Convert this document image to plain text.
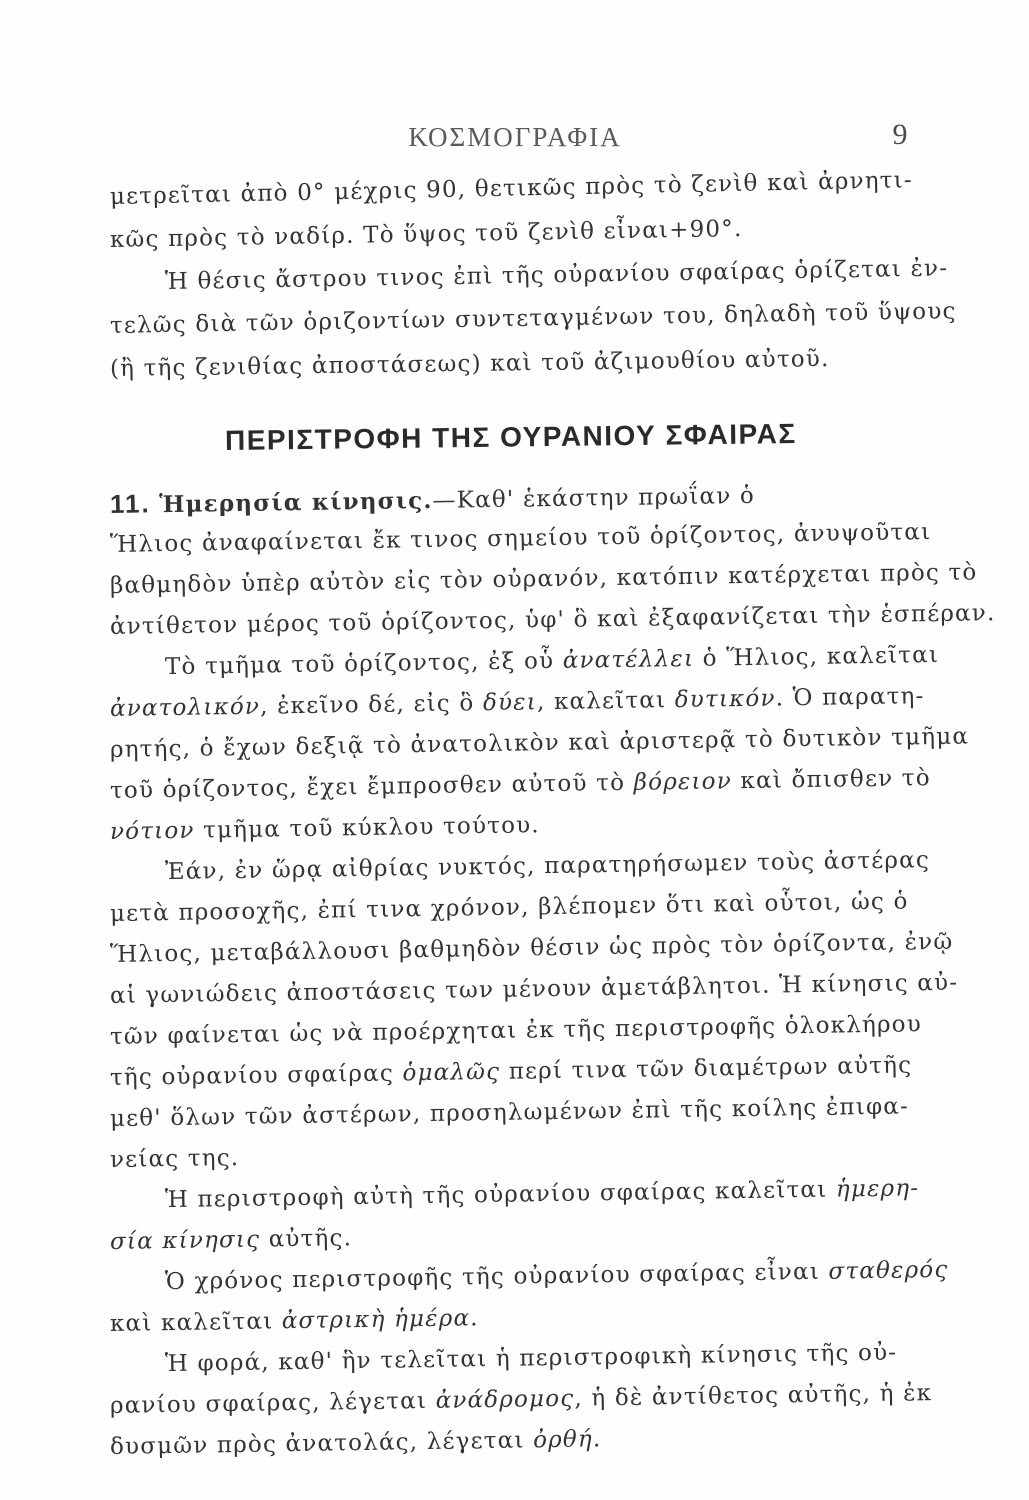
ΚΟΣΜΟΓΡΑΦΙΑ	9
μετρεῖται ἀπὸ 0° μέχρις 90, θετικῶς πρὸς τὸ ζενὶθ καὶ ἀρνητι-
κῶς πρὸς τὸ ναδίρ. Τὸ ὕψος τοῦ ζενὶθ εἶναι+90°.
Ἡ θέσις ἄστρου τινος ἐπὶ τῆς οὐρανίου σφαίρας ὁρίζεται ἐν-
τελῶς διὰ τῶν ὁριζοντίων συντεταγμένων του, δηλαδὴ τοῦ ὕψους
(ἢ τῆς ζενιθίας ἀποστάσεως) καὶ τοῦ ἀζιμουθίου αὐτοῦ.
ΠΕΡΙΣΤΡΟΦΗ ΤΗΣ ΟΥΡΑΝΙΟΥ ΣΦΑΙΡΑΣ
11. Ἡμερησία κίνησις.—Καθ' ἑκάστην πρωΐαν ὁ
Ἥλιος ἀναφαίνεται ἔκ τινος σημείου τοῦ ὁρίζοντος, ἀνυψοῦται
βαθμηδὸν ὑπὲρ αὐτὸν εἰς τὸν οὐρανόν, κατόπιν κατέρχεται πρὸς τὸ
ἀντίθετον μέρος τοῦ ὁρίζοντος, ὑφ' ὃ καὶ ἐξαφανίζεται τὴν ἑσπέραν.
Τὸ τμῆμα τοῦ ὁρίζοντος, ἐξ οὗ ἀνατέλλει ὁ Ἥλιος, καλεῖται
ἀνατολικόν, ἐκεῖνο δέ, εἰς ὃ δύει, καλεῖται δυτικόν. Ὁ παρατη-
ρητής, ὁ ἔχων δεξιᾷ τὸ ἀνατολικὸν καὶ ἀριστερᾷ τὸ δυτικὸν τμῆμα
τοῦ ὁρίζοντος, ἔχει ἔμπροσθεν αὐτοῦ τὸ βόρειον καὶ ὄπισθεν τὸ
νότιον τμῆμα τοῦ κύκλου τούτου.
Ἐάν, ἐν ὥρᾳ αἰθρίας νυκτός, παρατηρήσωμεν τοὺς ἀστέρας
μετὰ προσοχῆς, ἐπί τινα χρόνον, βλέπομεν ὅτι καὶ οὗτοι, ὡς ὁ
Ἥλιος, μεταβάλλουσι βαθμηδὸν θέσιν ὡς πρὸς τὸν ὁρίζοντα, ἐνῷ
αἱ γωνιώδεις ἀποστάσεις των μένουν ἀμετάβλητοι. Ἡ κίνησις αὐ-
τῶν φαίνεται ὡς νὰ προέρχηται ἐκ τῆς περιστροφῆς ὁλοκλήρου
τῆς οὐρανίου σφαίρας ὁμαλῶς περί τινα τῶν διαμέτρων αὐτῆς
μεθ' ὅλων τῶν ἀστέρων, προσηλωμένων ἐπὶ τῆς κοίλης ἐπιφα-
νείας της.
Ἡ περιστροφὴ αὐτὴ τῆς οὐρανίου σφαίρας καλεῖται ἡμερη-
σία κίνησις αὐτῆς.
Ὁ χρόνος περιστροφῆς τῆς οὐρανίου σφαίρας εἶναι σταθερός
καὶ καλεῖται ἀστρικὴ ἡμέρα.
Ἡ φορά, καθ' ἣν τελεῖται ἡ περιστροφικὴ κίνησις τῆς οὐ-
ρανίου σφαίρας, λέγεται ἀνάδρομος, ἡ δὲ ἀντίθετος αὐτῆς, ἡ ἐκ
δυσμῶν πρὸς ἀνατολάς, λέγεται ὀρθή.
